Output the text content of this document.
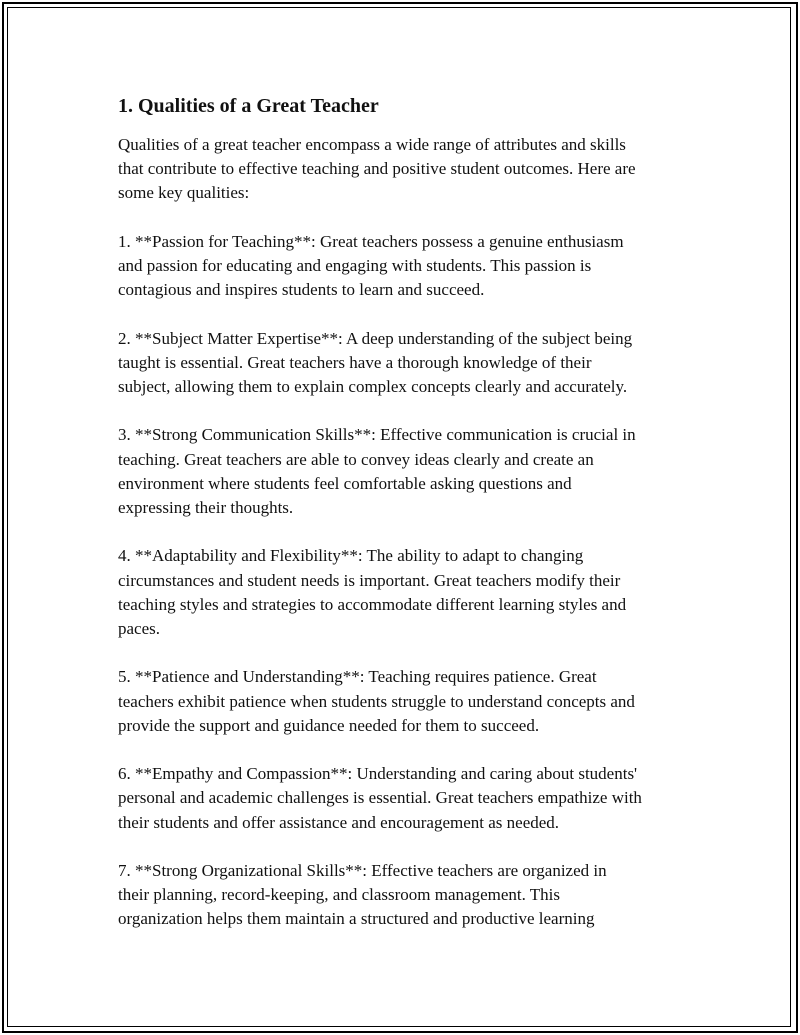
1. Qualities of a Great Teacher

Qualities of a great teacher encompass a wide range of attributes and skills
that contribute to effective teaching and positive student outcomes. Here are
some key qualities:

1. **Passion for Teaching**: Great teachers possess a genuine enthusiasm
and passion for educating and engaging with students. This passion is
contagious and inspires students to learn and succeed.

2. **Subject Matter Expertise**: A deep understanding of the subject being
taught is essential. Great teachers have a thorough knowledge of their
subject, allowing them to explain complex concepts clearly and accurately.

3. **Strong Communication Skills**: Effective communication is crucial in
teaching. Great teachers are able to convey ideas clearly and create an
environment where students feel comfortable asking questions and
expressing their thoughts.

4. **Adaptability and Flexibility**: The ability to adapt to changing
circumstances and student needs is important. Great teachers modify their
teaching styles and strategies to accommodate different learning styles and
paces.

5. **Patience and Understanding**: Teaching requires patience. Great
teachers exhibit patience when students struggle to understand concepts and
provide the support and guidance needed for them to succeed.

6. **Empathy and Compassion**: Understanding and caring about students'
personal and academic challenges is essential. Great teachers empathize with
their students and offer assistance and encouragement as needed.

7. **Strong Organizational Skills**: Effective teachers are organized in
their planning, record-keeping, and classroom management. This
organization helps them maintain a structured and productive learning
